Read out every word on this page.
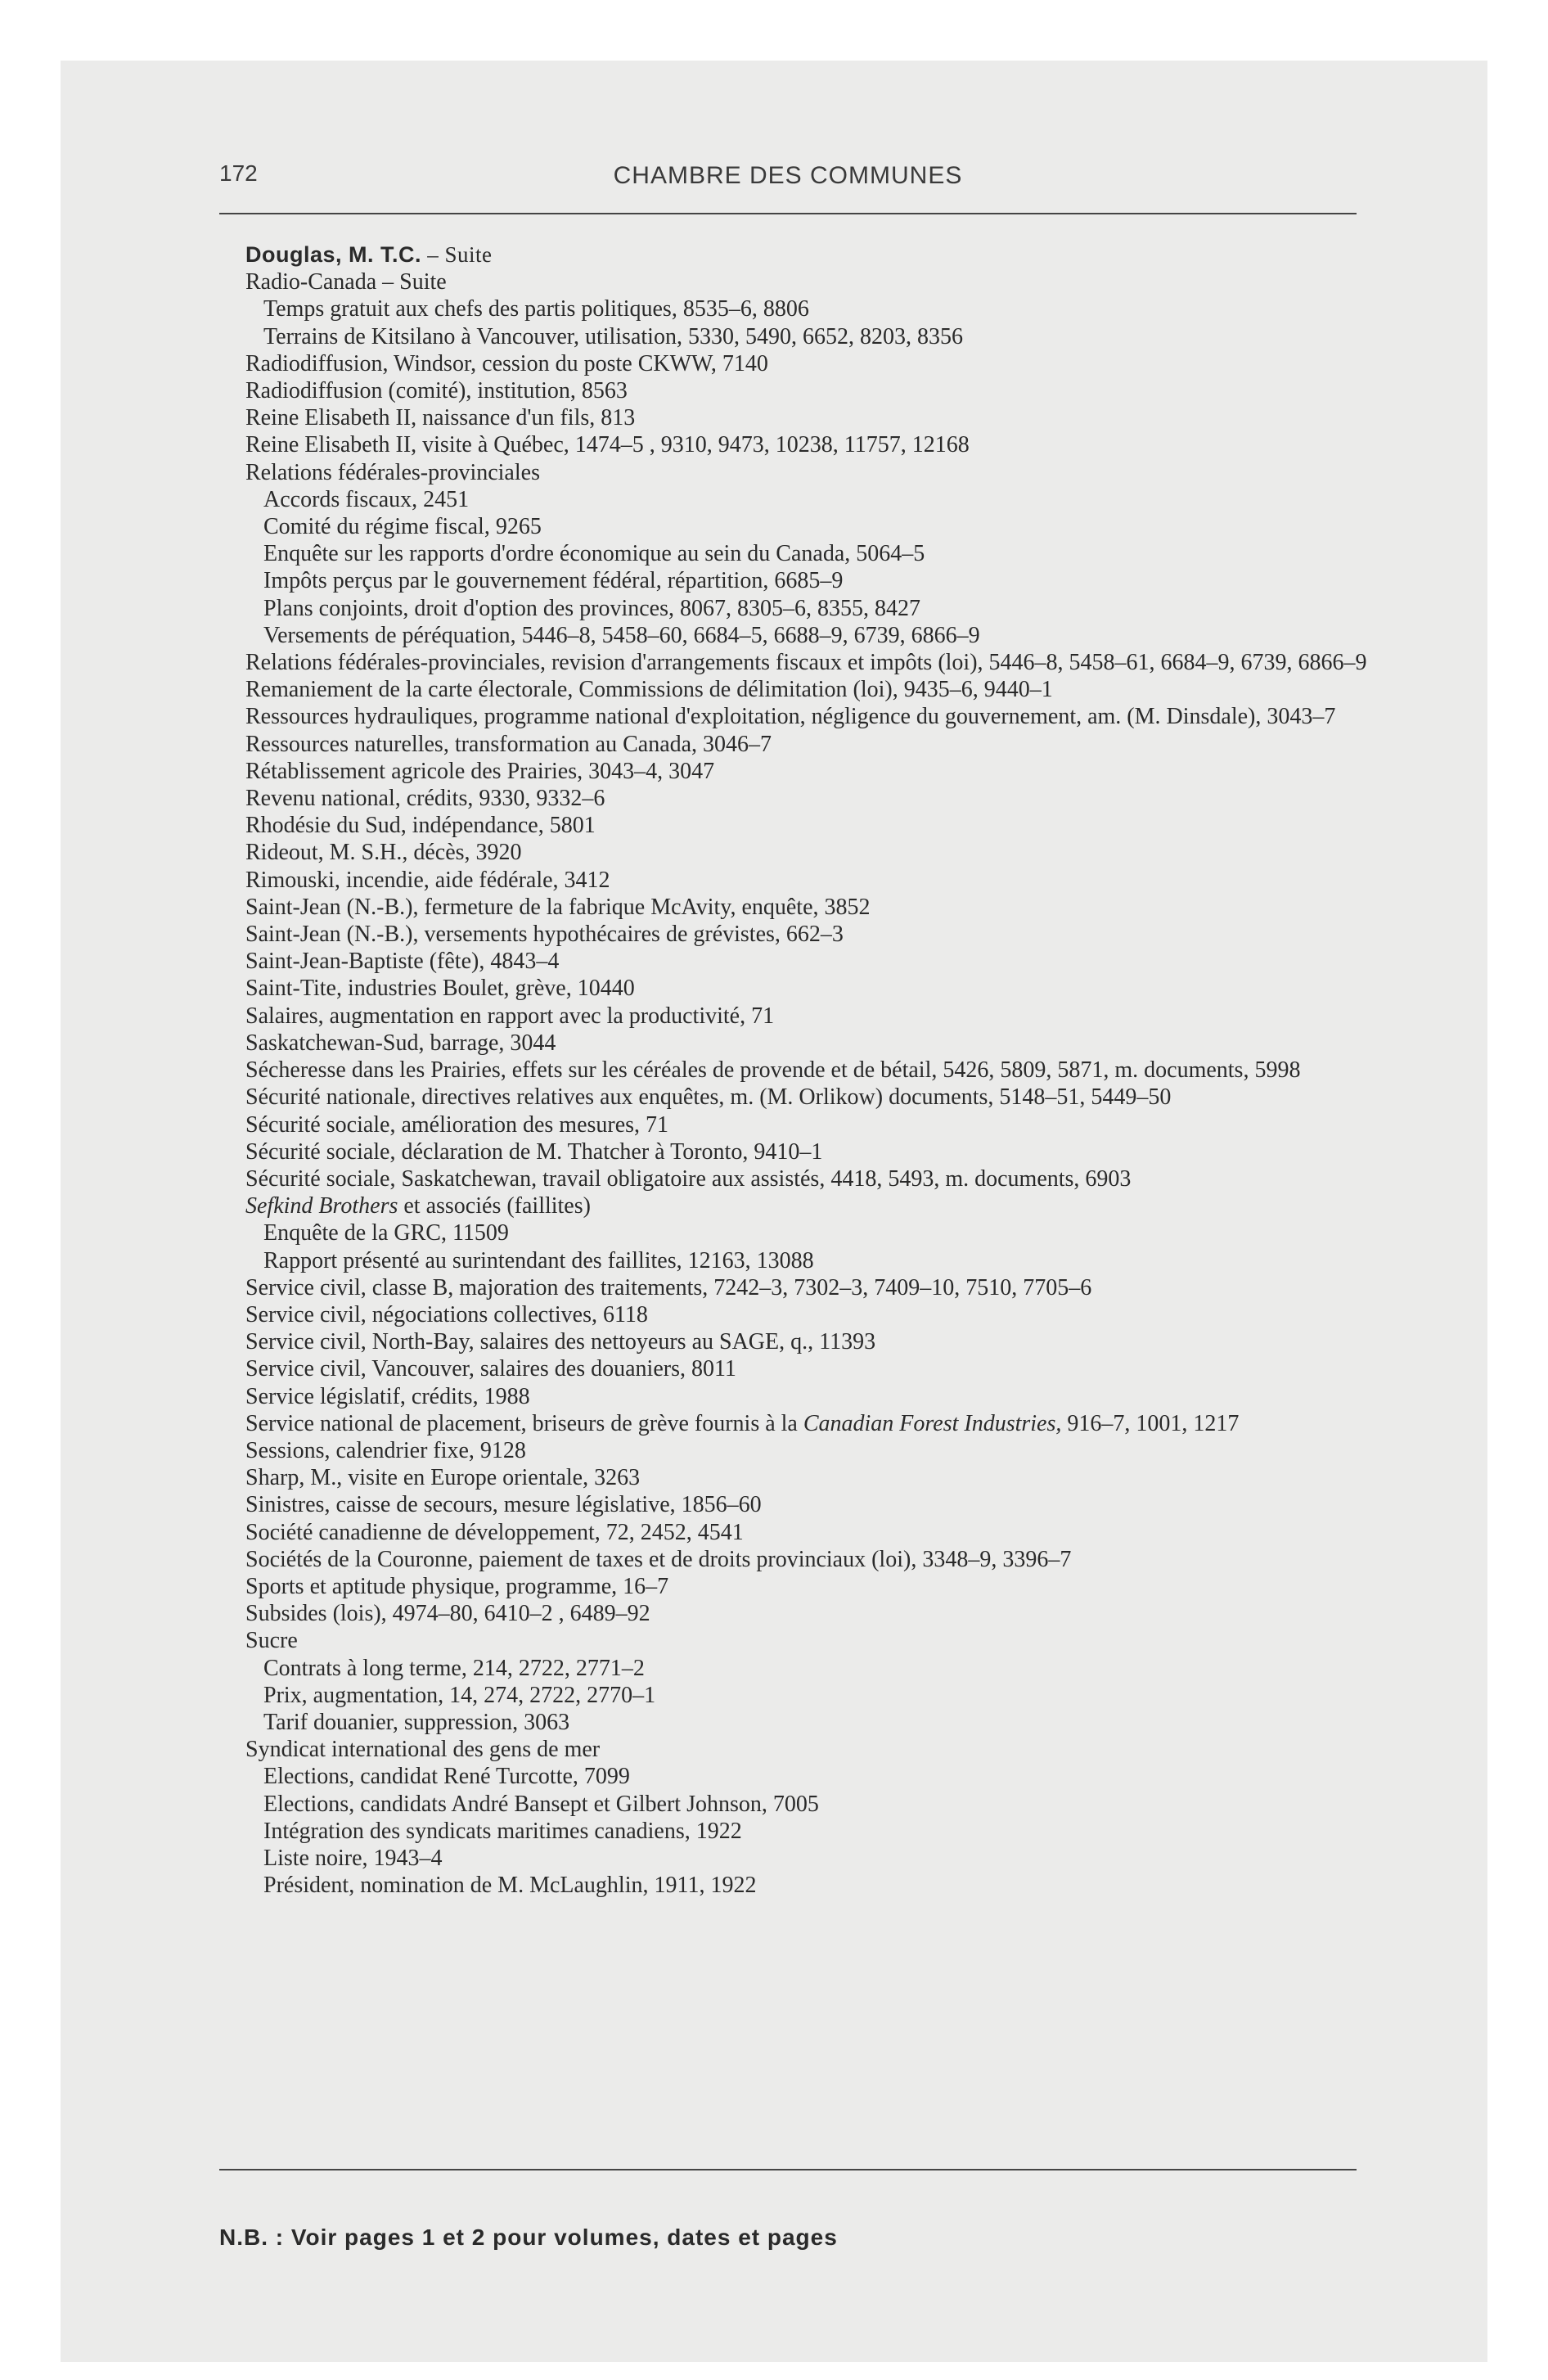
172	CHAMBRE DES COMMUNES
Douglas, M. T.C. – Suite
Radio-Canada – Suite
Temps gratuit aux chefs des partis politiques, 8535–6, 8806
Terrains de Kitsilano à Vancouver, utilisation, 5330, 5490, 6652, 8203, 8356
Radiodiffusion, Windsor, cession du poste CKWW, 7140
Radiodiffusion (comité), institution, 8563
Reine Elisabeth II, naissance d'un fils, 813
Reine Elisabeth II, visite à Québec, 1474–5 , 9310, 9473, 10238, 11757, 12168
Relations fédérales-provinciales
Accords fiscaux, 2451
Comité du régime fiscal, 9265
Enquête sur les rapports d'ordre économique au sein du Canada, 5064–5
Impôts perçus par le gouvernement fédéral, répartition, 6685–9
Plans conjoints, droit d'option des provinces, 8067, 8305–6, 8355, 8427
Versements de péréquation, 5446–8, 5458–60, 6684–5, 6688–9, 6739, 6866–9
Relations fédérales-provinciales, revision d'arrangements fiscaux et impôts (loi), 5446–8, 5458–61, 6684–9, 6739, 6866–9
Remaniement de la carte électorale, Commissions de délimitation (loi), 9435–6, 9440–1
Ressources hydrauliques, programme national d'exploitation, négligence du gouvernement, am. (M. Dinsdale), 3043–7
Ressources naturelles, transformation au Canada, 3046–7
Rétablissement agricole des Prairies, 3043–4, 3047
Revenu national, crédits, 9330, 9332–6
Rhodésie du Sud, indépendance, 5801
Rideout, M. S.H., décès, 3920
Rimouski, incendie, aide fédérale, 3412
Saint-Jean (N.-B.), fermeture de la fabrique McAvity, enquête, 3852
Saint-Jean (N.-B.), versements hypothécaires de grévistes, 662–3
Saint-Jean-Baptiste (fête), 4843–4
Saint-Tite, industries Boulet, grève, 10440
Salaires, augmentation en rapport avec la productivité, 71
Saskatchewan-Sud, barrage, 3044
Sécheresse dans les Prairies, effets sur les céréales de provende et de bétail, 5426, 5809, 5871, m. documents, 5998
Sécurité nationale, directives relatives aux enquêtes, m. (M. Orlikow) documents, 5148–51, 5449–50
Sécurité sociale, amélioration des mesures, 71
Sécurité sociale, déclaration de M. Thatcher à Toronto, 9410–1
Sécurité sociale, Saskatchewan, travail obligatoire aux assistés, 4418, 5493, m. documents, 6903
Sefkind Brothers et associés (faillites)
Enquête de la GRC, 11509
Rapport présenté au surintendant des faillites, 12163, 13088
Service civil, classe B, majoration des traitements, 7242–3, 7302–3, 7409–10, 7510, 7705–6
Service civil, négociations collectives, 6118
Service civil, North-Bay, salaires des nettoyeurs au SAGE, q., 11393
Service civil, Vancouver, salaires des douaniers, 8011
Service législatif, crédits, 1988
Service national de placement, briseurs de grève fournis à la Canadian Forest Industries, 916–7, 1001, 1217
Sessions, calendrier fixe, 9128
Sharp, M., visite en Europe orientale, 3263
Sinistres, caisse de secours, mesure législative, 1856–60
Société canadienne de développement, 72, 2452, 4541
Sociétés de la Couronne, paiement de taxes et de droits provinciaux (loi), 3348–9, 3396–7
Sports et aptitude physique, programme, 16–7
Subsides (lois), 4974–80, 6410–2 , 6489–92
Sucre
Contrats à long terme, 214, 2722, 2771–2
Prix, augmentation, 14, 274, 2722, 2770–1
Tarif douanier, suppression, 3063
Syndicat international des gens de mer
Elections, candidat René Turcotte, 7099
Elections, candidats André Bansept et Gilbert Johnson, 7005
Intégration des syndicats maritimes canadiens, 1922
Liste noire, 1943–4
Président, nomination de M. McLaughlin, 1911, 1922
N.B. : Voir pages 1 et 2 pour volumes, dates et pages
